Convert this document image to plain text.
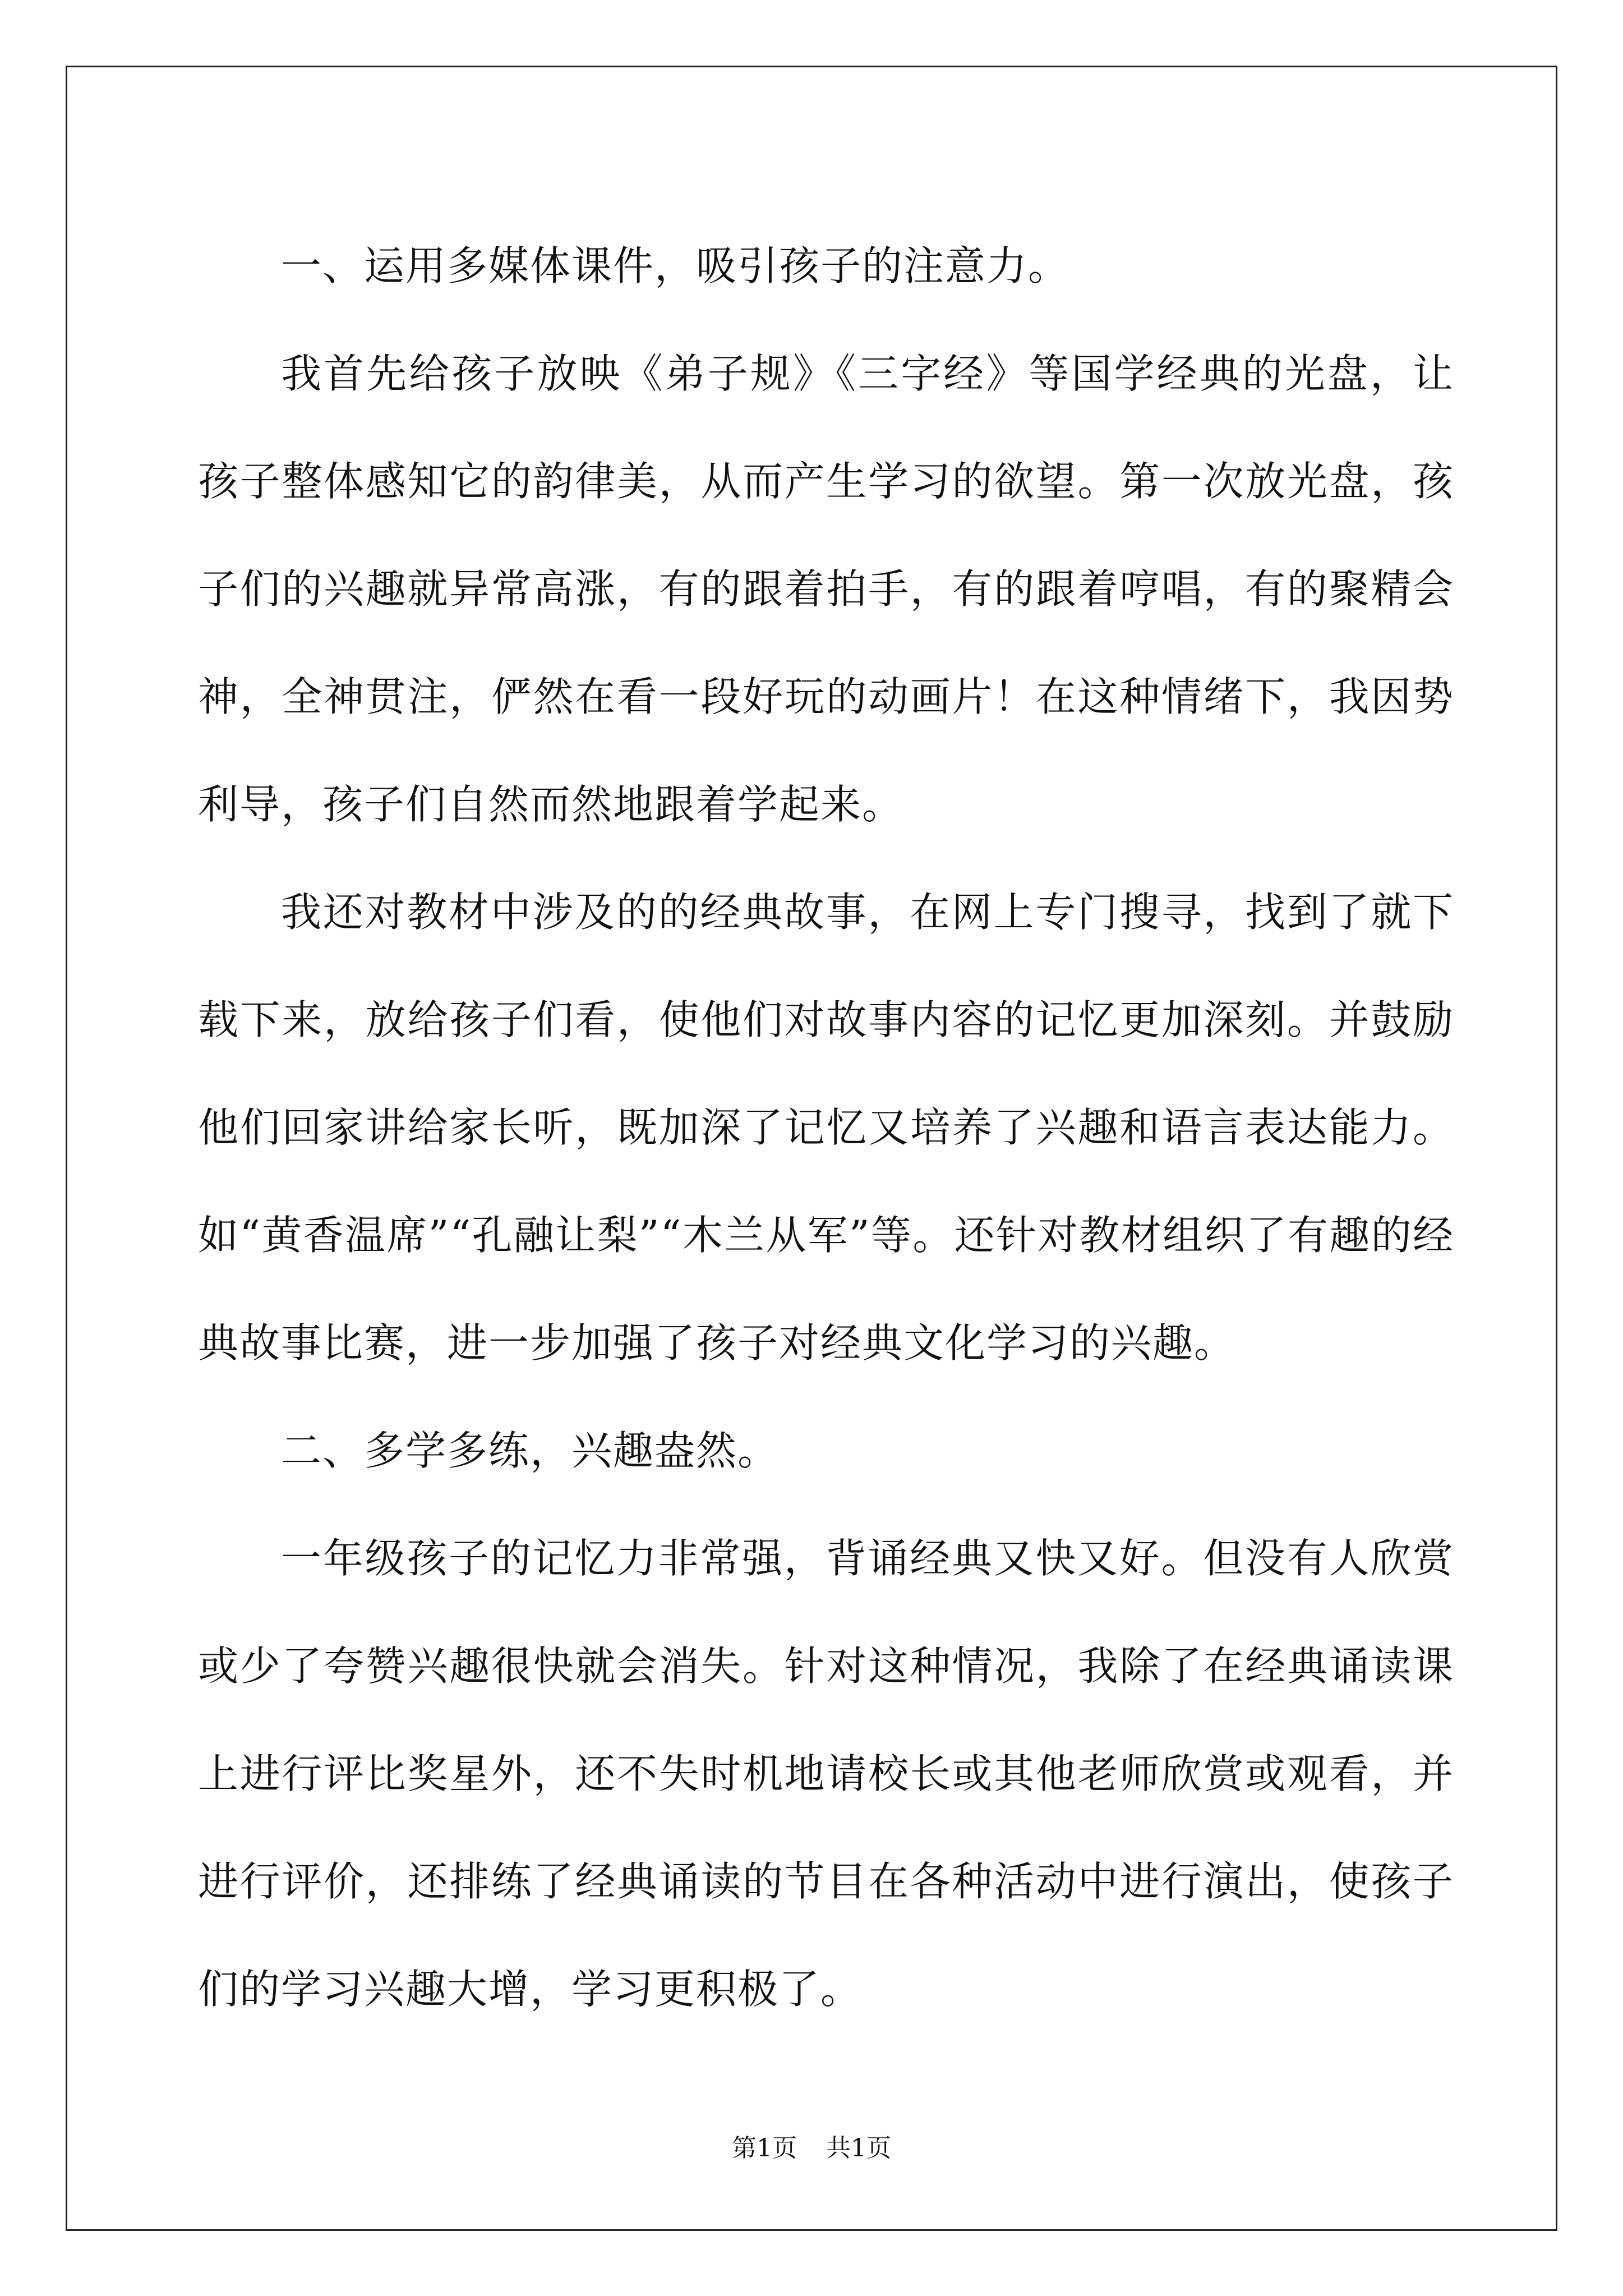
一、运用多媒体课件，吸引孩子的注意力。

我首先给孩子放映《弟子规》《三字经》等国学经典的光盘，让孩子整体感知它的韵律美，从而产生学习的欲望。第一次放光盘，孩子们的兴趣就异常高涨，有的跟着拍手，有的跟着哼唱，有的聚精会神，全神贯注，俨然在看一段好玩的动画片！在这种情绪下，我因势利导，孩子们自然而然地跟着学起来。

我还对教材中涉及的的经典故事，在网上专门搜寻，找到了就下载下来，放给孩子们看，使他们对故事内容的记忆更加深刻。并鼓励他们回家讲给家长听，既加深了记忆又培养了兴趣和语言表达能力。如“黄香温席”“孔融让梨”“木兰从军”等。还针对教材组织了有趣的经典故事比赛，进一步加强了孩子对经典文化学习的兴趣。

二、多学多练，兴趣盎然。

一年级孩子的记忆力非常强，背诵经典又快又好。但没有人欣赏或少了夸赞兴趣很快就会消失。针对这种情况，我除了在经典诵读课上进行评比奖星外，还不失时机地请校长或其他老师欣赏或观看，并进行评价，还排练了经典诵读的节目在各种活动中进行演出，使孩子们的学习兴趣大增，学习更积极了。

第1页 共1页
